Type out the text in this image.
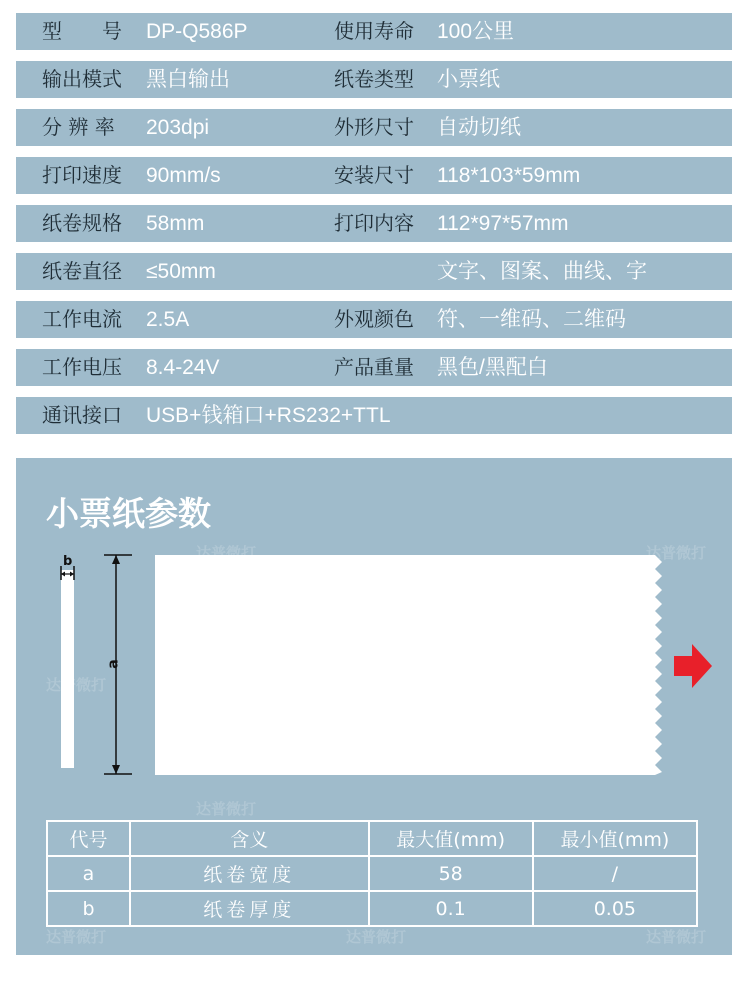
型　　号 DP-Q586P	使用寿命 100公里
输出模式 黑白输出	纸卷类型 小票纸
分 辨 率 203dpi	外形尺寸 自动切纸
打印速度 90mm/s	安装尺寸 118*103*59mm
纸卷规格 58mm	打印内容 112*97*57mm
纸卷直径 ≤50mm	文字、图案、曲线、字
工作电流 2.5A	外观颜色 符、一维码、二维码
工作电压 8.4-24V	产品重量 黑色/黑配白
通讯接口 USB+钱箱口+RS232+TTL
小票纸参数
b
a
达普微打	达普微打
达普微打
达普微打
达普微打	达普微打	达普微打
代号	含义	最大值(mm)	最小值(mm)
a	纸卷宽度	58	/
b	纸卷厚度	0.1	0.05
